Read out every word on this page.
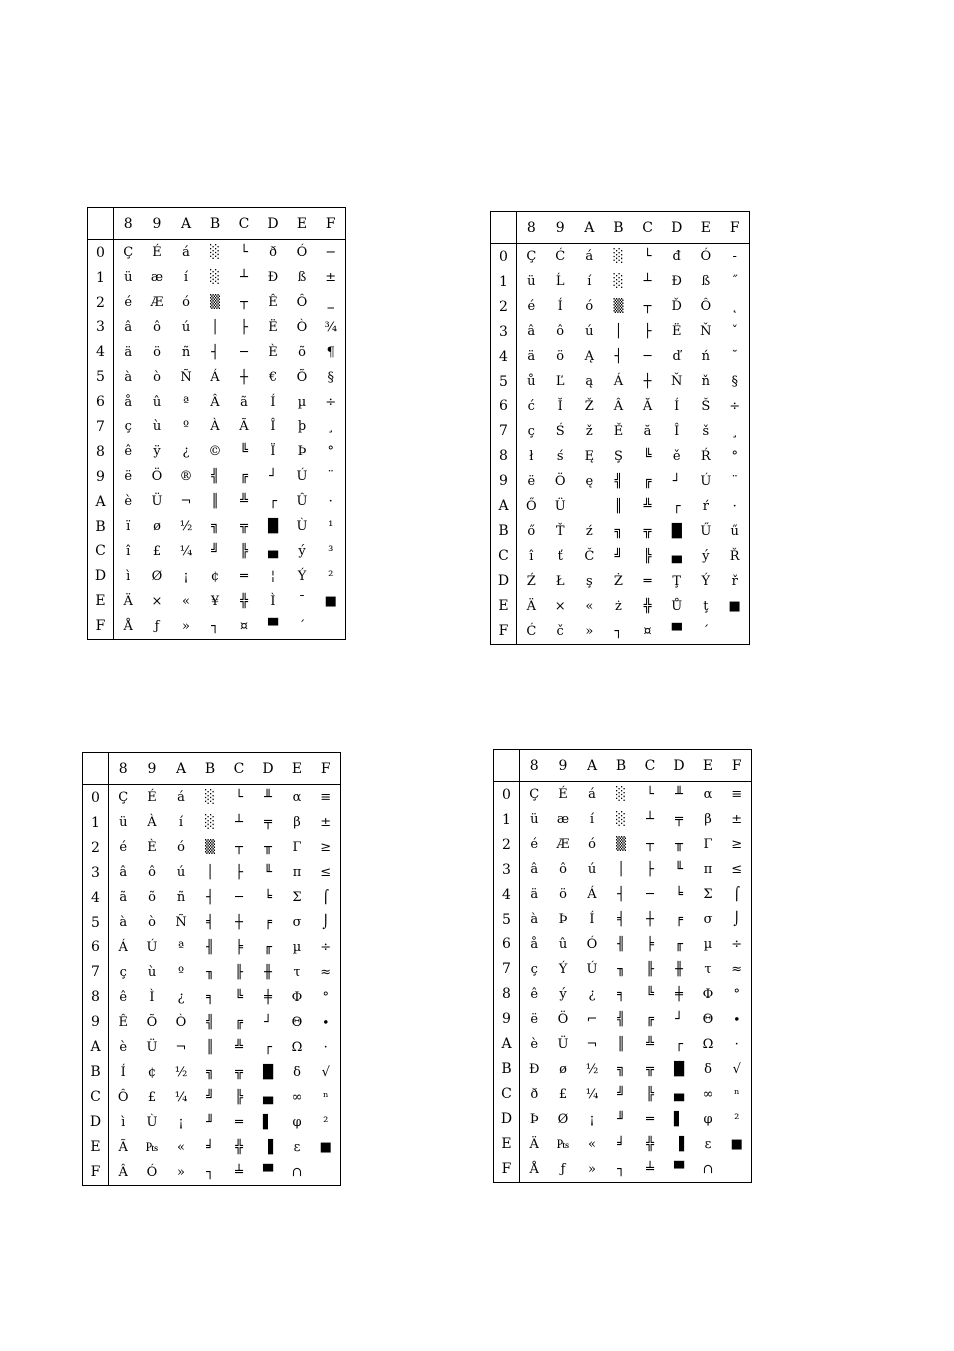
	8	9	A	B	C	D	E	F
0	Ç	É	á	░	└	ð	Ó	−
1	ü	æ	í	░	┴	Ð	ß	±
2	é	Æ	ó	▒	┬	Ê	Ô	‗
3	â	ô	ú	│	├	Ë	Ò	¾
4	ä	ö	ñ	┤	─	È	õ	¶
5	à	ò	Ñ	Á	┼	€	Õ	§
6	å	û	ª	Â	ã	Í	µ	÷
7	ç	ù	º	À	Ã	Î	þ	¸
8	ê	ÿ	¿	©	╚	Ï	Þ	°
9	ë	Ö	®	╣	╔	┘	Ú	¨
A	è	Ü	¬	║	╩	┌	Û	·
B	ï	ø	½	╗	╦	█	Ù	¹
C	î	£	¼	╝	╠	▄	ý	³
D	ì	Ø	¡	¢	═	¦	Ý	²
E	Ä	×	«	¥	╬	Ì	¯	■
F	Å	ƒ	»	┐	¤	▀	´	
	8	9	A	B	C	D	E	F
0	Ç	Ć	á	░	└	đ	Ó	-
1	ü	Ĺ	í	░	┴	Đ	ß	˝
2	é	Í	ó	▒	┬	Ď	Ô	˛
3	â	ô	ú	│	├	Ë	Ň	ˇ
4	ä	ö	Ą	┤	─	ď	ń	˘
5	ů	Ľ	ą	Á	┼	Ň	ň	§
6	ć	Ĭ	Ž	Â	Ă	Í	Š	÷
7	ç	Ś	ž	Ě	ă	Î	š	¸
8	ł	ś	Ę	Ş	╚	ě	Ŕ	°
9	ë	Ö	ę	╣	╔	┘	Ú	¨
A	Ő	Ü		║	╩	┌	ŕ	·
B	ő	Ť	ź	╗	╦	█	Ű	ű
C	î	ť	Č	╝	╠	▄	ý	Ř
D	Ź	Ł	ş	Ż	═	Ţ	Ý	ř
E	Ä	×	«	ż	╬	Ů	ţ	■
F	Ć	č	»	┐	¤	▀	´	
	8	9	A	B	C	D	E	F
0	Ç	É	á	░	└	╨	α	≡
1	ü	À	í	░	┴	╤	β	±
2	é	È	ó	▒	┬	╥	Γ	≥
3	â	ô	ú	│	├	╙	π	≤
4	ã	õ	ñ	┤	─	╘	Σ	⌠
5	à	ò	Ñ	╡	┼	╒	σ	⌡
6	Á	Ú	ª	╢	╞	╓	µ	÷
7	ç	ù	º	╖	╟	╫	τ	≈
8	ê	Ì	¿	╕	╚	╪	Φ	°
9	Ê	Õ	Ò	╣	╔	┘	Θ	∙
A	è	Ü	¬	║	╩	┌	Ω	·
B	Í	¢	½	╗	╦	█	δ	√
C	Ô	£	¼	╝	╠	▄	∞	ⁿ
D	ì	Ù	¡	╜	═	▌	φ	²
E	Ã	₧	«	╛	╬	▐	ε	■
F	Â	Ó	»	┐	╧	▀	∩	
	8	9	A	B	C	D	E	F
0	Ç	É	á	░	└	╨	α	≡
1	ü	æ	í	░	┴	╤	β	±
2	é	Æ	ó	▒	┬	╥	Γ	≥
3	â	ô	ú	│	├	╙	π	≤
4	ä	ö	Á	┤	─	╘	Σ	⌠
5	à	Þ	Í	╡	┼	╒	σ	⌡
6	å	û	Ó	╢	╞	╓	µ	÷
7	ç	Ý	Ú	╖	╟	╫	τ	≈
8	ê	ý	¿	╕	╚	╪	Φ	°
9	ë	Ö	⌐	╣	╔	┘	Θ	∙
A	è	Ü	¬	║	╩	┌	Ω	·
B	Ð	ø	½	╗	╦	█	δ	√
C	ð	£	¼	╝	╠	▄	∞	ⁿ
D	Þ	Ø	¡	╜	═	▌	φ	²
E	Ä	₧	«	╛	╬	▐	ε	■
F	Å	ƒ	»	┐	╧	▀	∩	
